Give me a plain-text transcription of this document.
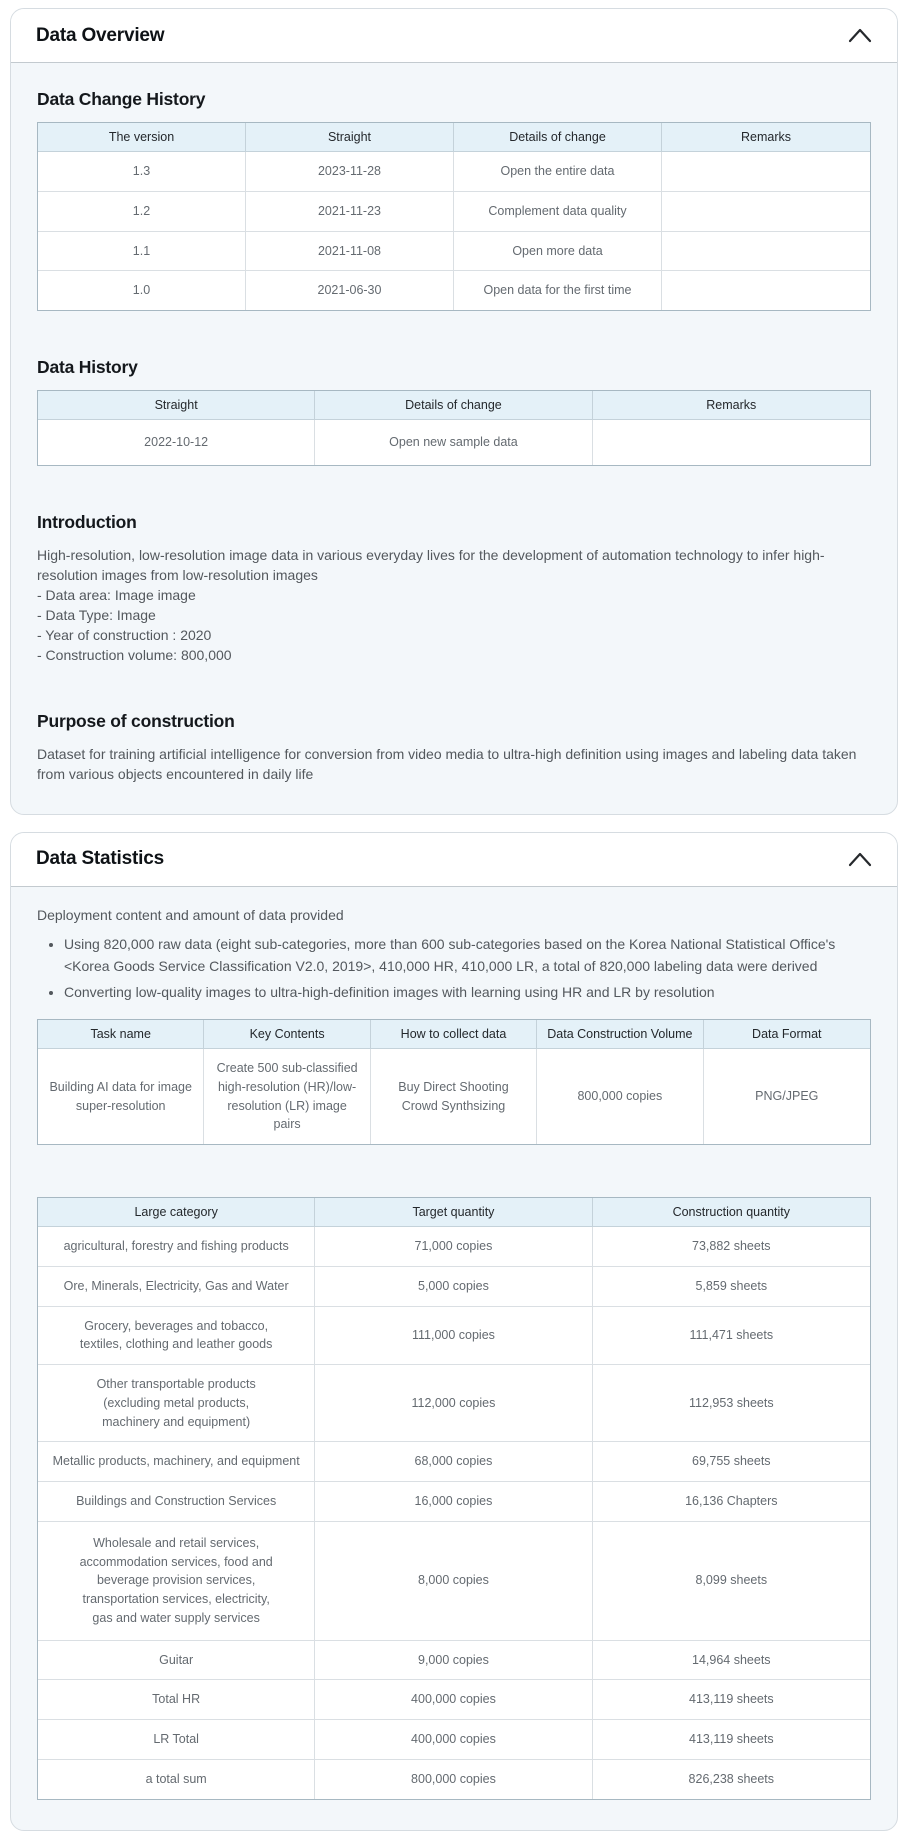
Data Overview
Data Change History
The version	Straight	Details of change	Remarks
1.3	2023-11-28	Open the entire data	
1.2	2021-11-23	Complement data quality	
1.1	2021-11-08	Open more data	
1.0	2021-06-30	Open data for the first time	
Data History
Straight	Details of change	Remarks
2022-10-12	Open new sample data	
Introduction
High-resolution, low-resolution image data in various everyday lives for the development of automation technology to infer high-resolution images from low-resolution images
- Data area: Image image
- Data Type: Image
- Year of construction : 2020
- Construction volume: 800,000
Purpose of construction

Dataset for training artificial intelligence for conversion from video media to ultra-high definition using images and labeling data taken from various objects encountered in daily life

Data Statistics
Deployment content and amount of data provided
• Using 820,000 raw data (eight sub-categories, more than 600 sub-categories based on the Korea National Statistical Office's <Korea Goods Service Classification V2.0, 2019>, 410,000 HR, 410,000 LR, a total of 820,000 labeling data were derived
• Converting low-quality images to ultra-high-definition images with learning using HR and LR by resolution
Task name	Key Contents	How to collect data	Data Construction Volume	Data Format
Building AI data for image super-resolution	Create 500 sub-classified high-resolution (HR)/low-resolution (LR) image pairs	Buy Direct Shooting Crowd Synthsizing	800,000 copies	PNG/JPEG
Large category	Target quantity	Construction quantity
agricultural, forestry and fishing products	71,000 copies	73,882 sheets
Ore, Minerals, Electricity, Gas and Water	5,000 copies	5,859 sheets
Grocery, beverages and tobacco, textiles, clothing and leather goods	111,000 copies	111,471 sheets
Other transportable products (excluding metal products, machinery and equipment)	112,000 copies	112,953 sheets
Metallic products, machinery, and equipment	68,000 copies	69,755 sheets
Buildings and Construction Services	16,000 copies	16,136 Chapters
Wholesale and retail services, accommodation services, food and beverage provision services, transportation services, electricity, gas and water supply services	8,000 copies	8,099 sheets
Guitar	9,000 copies	14,964 sheets
Total HR	400,000 copies	413,119 sheets
LR Total	400,000 copies	413,119 sheets
a total sum	800,000 copies	826,238 sheets
